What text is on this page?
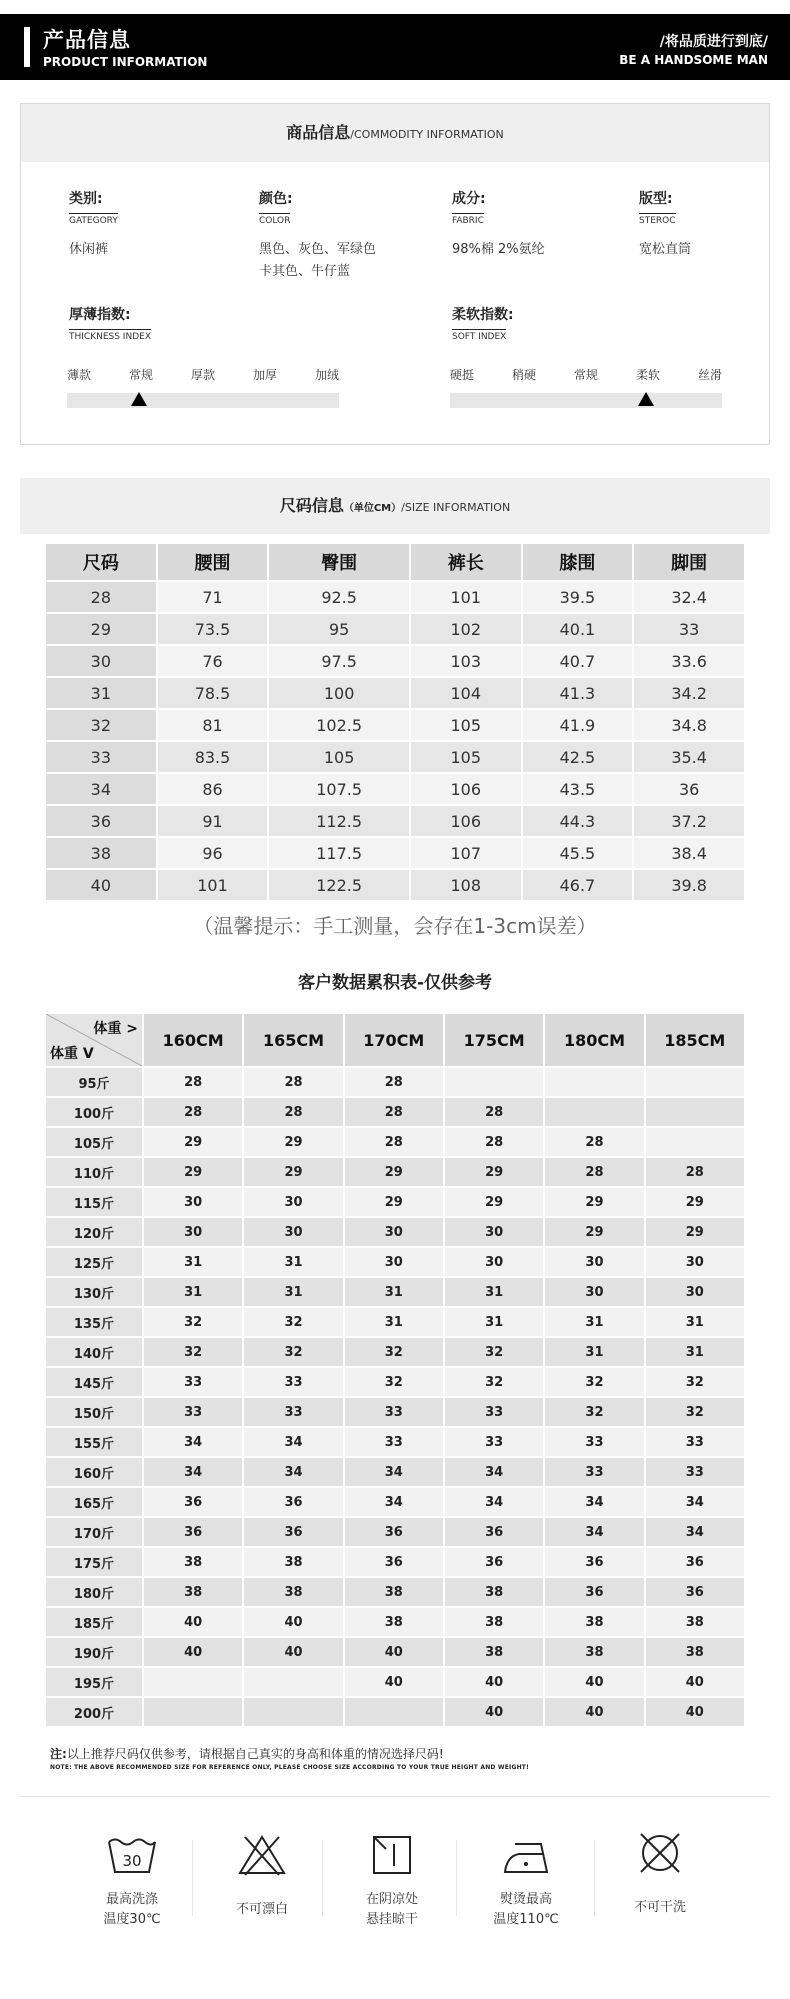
产品信息
PRODUCT INFORMATION
/将品质进行到底/
BE A HANDSOME MAN
商品信息/COMMODITY INFORMATION
类别:
GATEGORY
休闲裤
颜色:
COLOR
黑色、灰色、军绿色
卡其色、牛仔蓝
成分:
FABRIC
98%棉 2%氨纶
版型:
STEROC
宽松直筒
厚薄指数:
THICKNESS INDEX
柔软指数:
SOFT INDEX
薄款	常规	厚款	加厚	加绒	硬挺	稍硬	常规	柔软	丝滑
尺码信息（单位CM）/SIZE INFORMATION
尺码	腰围	臀围	裤长	膝围	脚围
28	71	92.5	101	39.5	32.4
29	73.5	95	102	40.1	33
30	76	97.5	103	40.7	33.6
31	78.5	100	104	41.3	34.2
32	81	102.5	105	41.9	34.8
33	83.5	105	105	42.5	35.4
34	86	107.5	106	43.5	36
36	91	112.5	106	44.3	37.2
38	96	117.5	107	45.5	38.4
40	101	122.5	108	46.7	39.8
（温馨提示：手工测量，会存在1-3cm误差）
客户数据累积表-仅供参考
体重 >
体重 V	160CM	165CM	170CM	175CM	180CM	185CM
95斤	28	28	28			
100斤	28	28	28	28		
105斤	29	29	28	28	28	
110斤	29	29	29	29	28	28
115斤	30	30	29	29	29	29
120斤	30	30	30	30	29	29
125斤	31	31	30	30	30	30
130斤	31	31	31	31	30	30
135斤	32	32	31	31	31	31
140斤	32	32	32	32	31	31
145斤	33	33	32	32	32	32
150斤	33	33	33	33	32	32
155斤	34	34	33	33	33	33
160斤	34	34	34	34	33	33
165斤	36	36	34	34	34	34
170斤	36	36	36	36	34	34
175斤	38	38	36	36	36	36
180斤	38	38	38	38	36	36
185斤	40	40	38	38	38	38
190斤	40	40	40	38	38	38
195斤			40	40	40	40
200斤				40	40	40
注:以上推荐尺码仅供参考，请根据自己真实的身高和体重的情况选择尺码!
NOTE: THE ABOVE RECOMMENDED SIZE FOR REFERENCE ONLY, PLEASE CHOOSE SIZE ACCORDING TO YOUR TRUE HEIGHT AND WEIGHT!
30
最高洗涤
温度30℃
不可漂白
在阴凉处
悬挂晾干
熨烫最高
温度110℃
不可干洗
